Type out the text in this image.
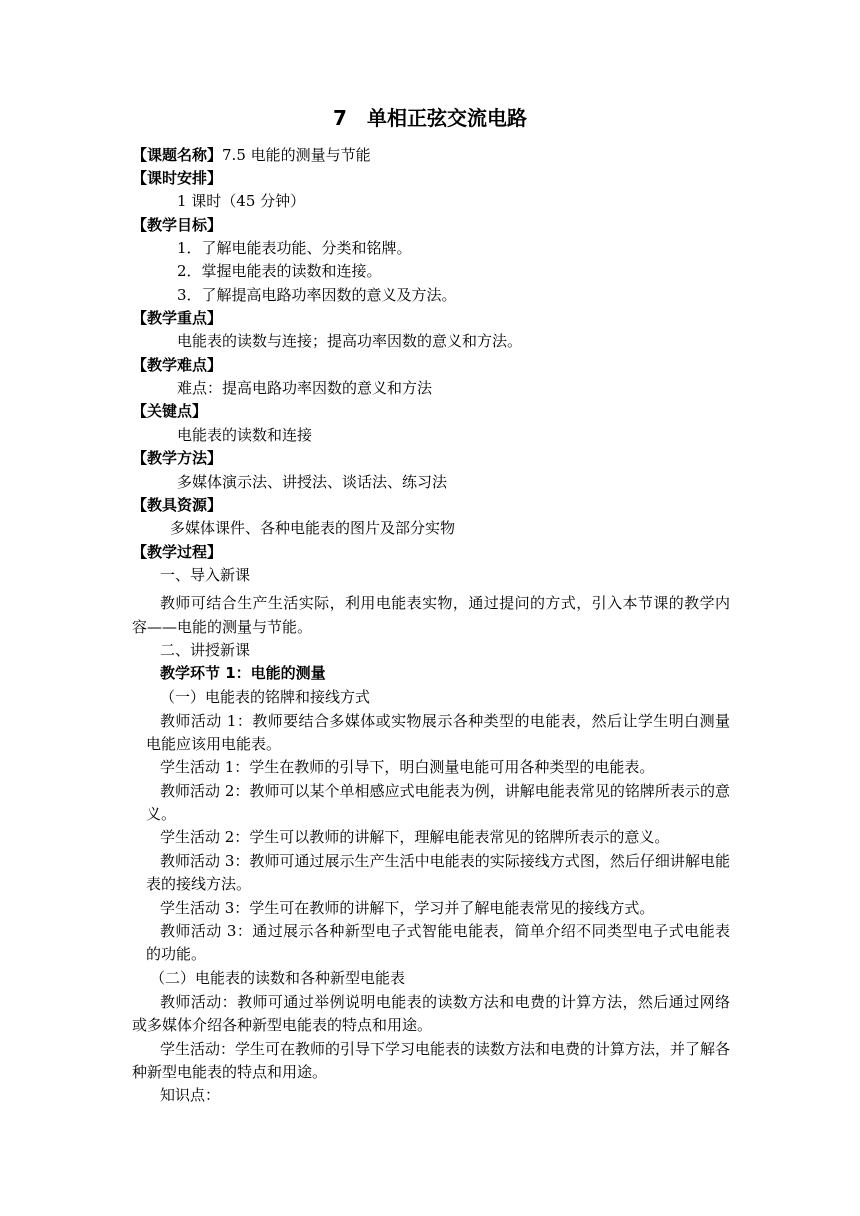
7　单相正弦交流电路
【课题名称】7.5 电能的测量与节能
【课时安排】
1 课时（45 分钟）
【教学目标】
1．了解电能表功能、分类和铭牌。
2．掌握电能表的读数和连接。
3．了解提高电路功率因数的意义及方法。
【教学重点】
电能表的读数与连接；提高功率因数的意义和方法。
【教学难点】
难点：提高电路功率因数的意义和方法
【关键点】
电能表的读数和连接
【教学方法】
多媒体演示法、讲授法、谈话法、练习法
【教具资源】
多媒体课件、各种电能表的图片及部分实物
【教学过程】
一、导入新课
教师可结合生产生活实际，利用电能表实物，通过提问的方式，引入本节课的教学内
容——电能的测量与节能。
二、讲授新课
教学环节 1：电能的测量
（一）电能表的铭牌和接线方式
教师活动 1：教师要结合多媒体或实物展示各种类型的电能表，然后让学生明白测量
电能应该用电能表。
学生活动 1：学生在教师的引导下，明白测量电能可用各种类型的电能表。
教师活动 2：教师可以某个单相感应式电能表为例，讲解电能表常见的铭牌所表示的意
义。
学生活动 2：学生可以教师的讲解下，理解电能表常见的铭牌所表示的意义。
教师活动 3：教师可通过展示生产生活中电能表的实际接线方式图，然后仔细讲解电能
表的接线方法。
学生活动 3：学生可在教师的讲解下，学习并了解电能表常见的接线方式。
教师活动 3：通过展示各种新型电子式智能电能表，简单介绍不同类型电子式电能表
的功能。
（二）电能表的读数和各种新型电能表
教师活动：教师可通过举例说明电能表的读数方法和电费的计算方法，然后通过网络
或多媒体介绍各种新型电能表的特点和用途。
学生活动：学生可在教师的引导下学习电能表的读数方法和电费的计算方法，并了解各
种新型电能表的特点和用途。
知识点：
